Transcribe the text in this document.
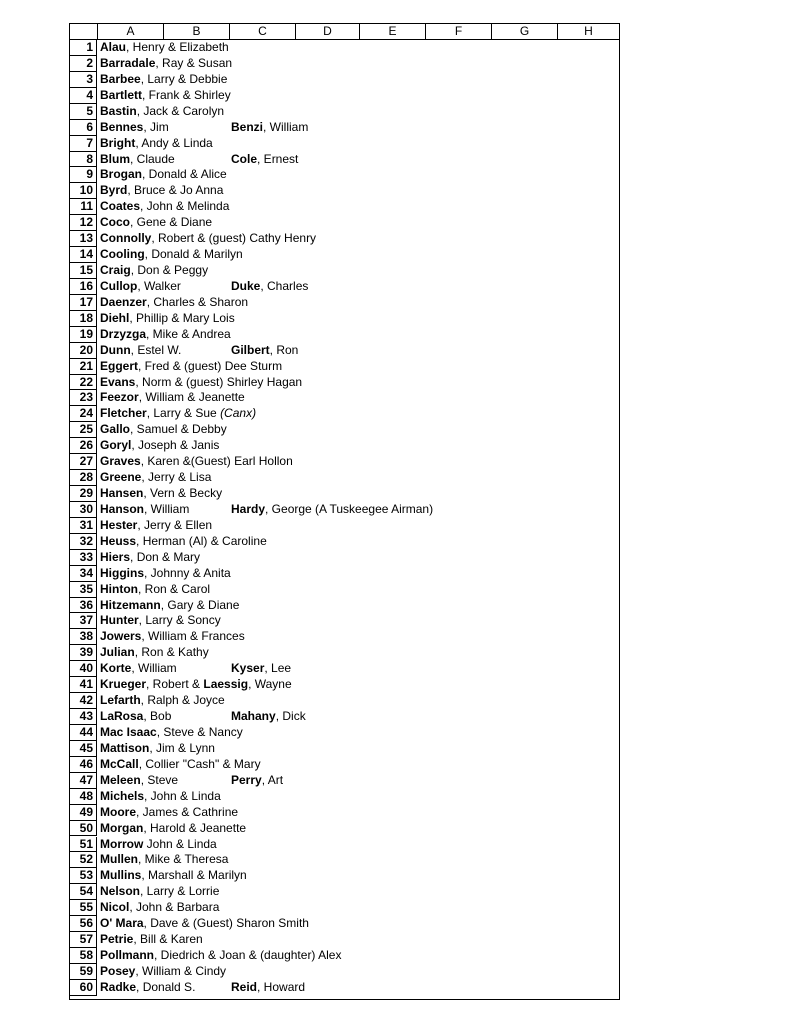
A	B	C	D	E	F	G	H
1 Alau, Henry & Elizabeth
2 Barradale, Ray & Susan
3 Barbee, Larry & Debbie
4 Bartlett, Frank & Shirley
5 Bastin, Jack & Carolyn
6 Bennes, Jim	Benzi, William
7 Bright, Andy & Linda
8 Blum, Claude	Cole, Ernest
9 Brogan, Donald & Alice
10 Byrd, Bruce & Jo Anna
11 Coates, John & Melinda
12 Coco, Gene & Diane
13 Connolly, Robert & (guest) Cathy Henry
14 Cooling, Donald & Marilyn
15 Craig, Don & Peggy
16 Cullop, Walker	Duke, Charles
17 Daenzer, Charles & Sharon
18 Diehl, Phillip & Mary Lois
19 Drzyzga, Mike & Andrea
20 Dunn, Estel W.	Gilbert, Ron
21 Eggert, Fred & (guest) Dee Sturm
22 Evans, Norm & (guest) Shirley Hagan
23 Feezor, William & Jeanette
24 Fletcher, Larry & Sue (Canx)
25 Gallo, Samuel & Debby
26 Goryl, Joseph & Janis
27 Graves, Karen &(Guest) Earl Hollon
28 Greene, Jerry & Lisa
29 Hansen, Vern & Becky
30 Hanson, William	Hardy, George (A Tuskeegee Airman)
31 Hester, Jerry & Ellen
32 Heuss, Herman (Al) & Caroline
33 Hiers, Don & Mary
34 Higgins, Johnny & Anita
35 Hinton, Ron & Carol
36 Hitzemann, Gary & Diane
37 Hunter, Larry & Soncy
38 Jowers, William & Frances
39 Julian, Ron & Kathy
40 Korte, William	Kyser, Lee
41 Krueger, Robert & Laessig, Wayne
42 Lefarth, Ralph & Joyce
43 LaRosa, Bob	Mahany, Dick
44 Mac Isaac, Steve & Nancy
45 Mattison, Jim & Lynn
46 McCall, Collier "Cash" & Mary
47 Meleen, Steve	Perry, Art
48 Michels, John & Linda
49 Moore, James & Cathrine
50 Morgan, Harold & Jeanette
51 Morrow John & Linda
52 Mullen, Mike & Theresa
53 Mullins, Marshall & Marilyn
54 Nelson, Larry & Lorrie
55 Nicol, John & Barbara
56 O' Mara, Dave & (Guest) Sharon Smith
57 Petrie, Bill & Karen
58 Pollmann, Diedrich & Joan & (daughter) Alex
59 Posey, William & Cindy
60 Radke, Donald S.	Reid, Howard
